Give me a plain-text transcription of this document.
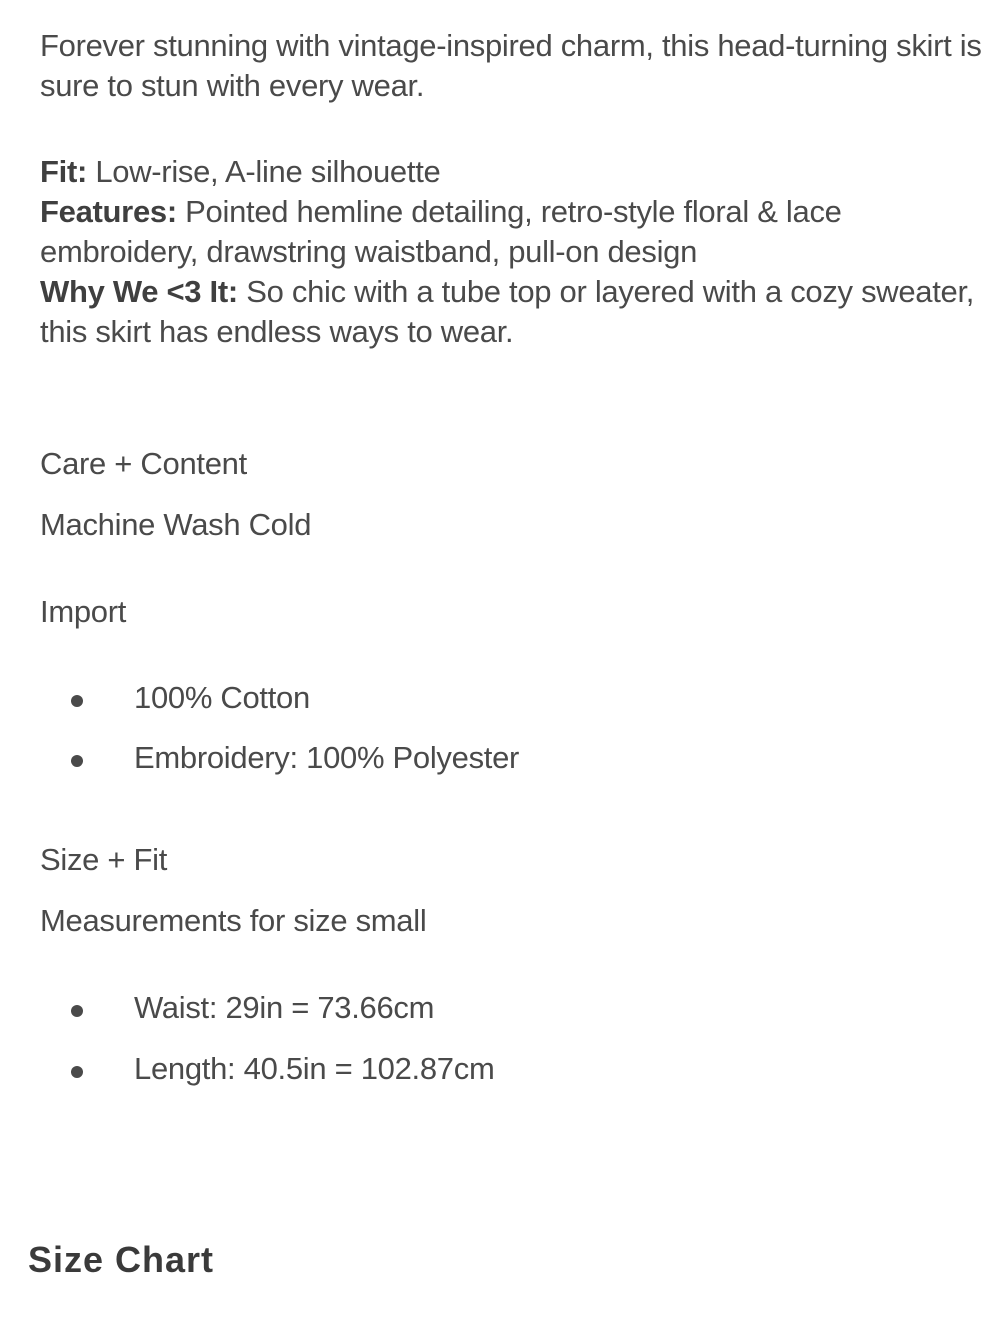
Forever stunning with vintage-inspired charm, this head-turning skirt is sure to stun with every wear.

Fit: Low-rise, A-line silhouette

Features: Pointed hemline detailing, retro-style floral & lace embroidery, drawstring waistband, pull-on design

Why We <3 It: So chic with a tube top or layered with a cozy sweater, this skirt has endless ways to wear.

Care + Content

Machine Wash Cold

Import

100% Cotton
Embroidery: 100% Polyester

Size + Fit

Measurements for size small

Waist: 29in = 73.66cm
Length: 40.5in = 102.87cm
Size Chart
